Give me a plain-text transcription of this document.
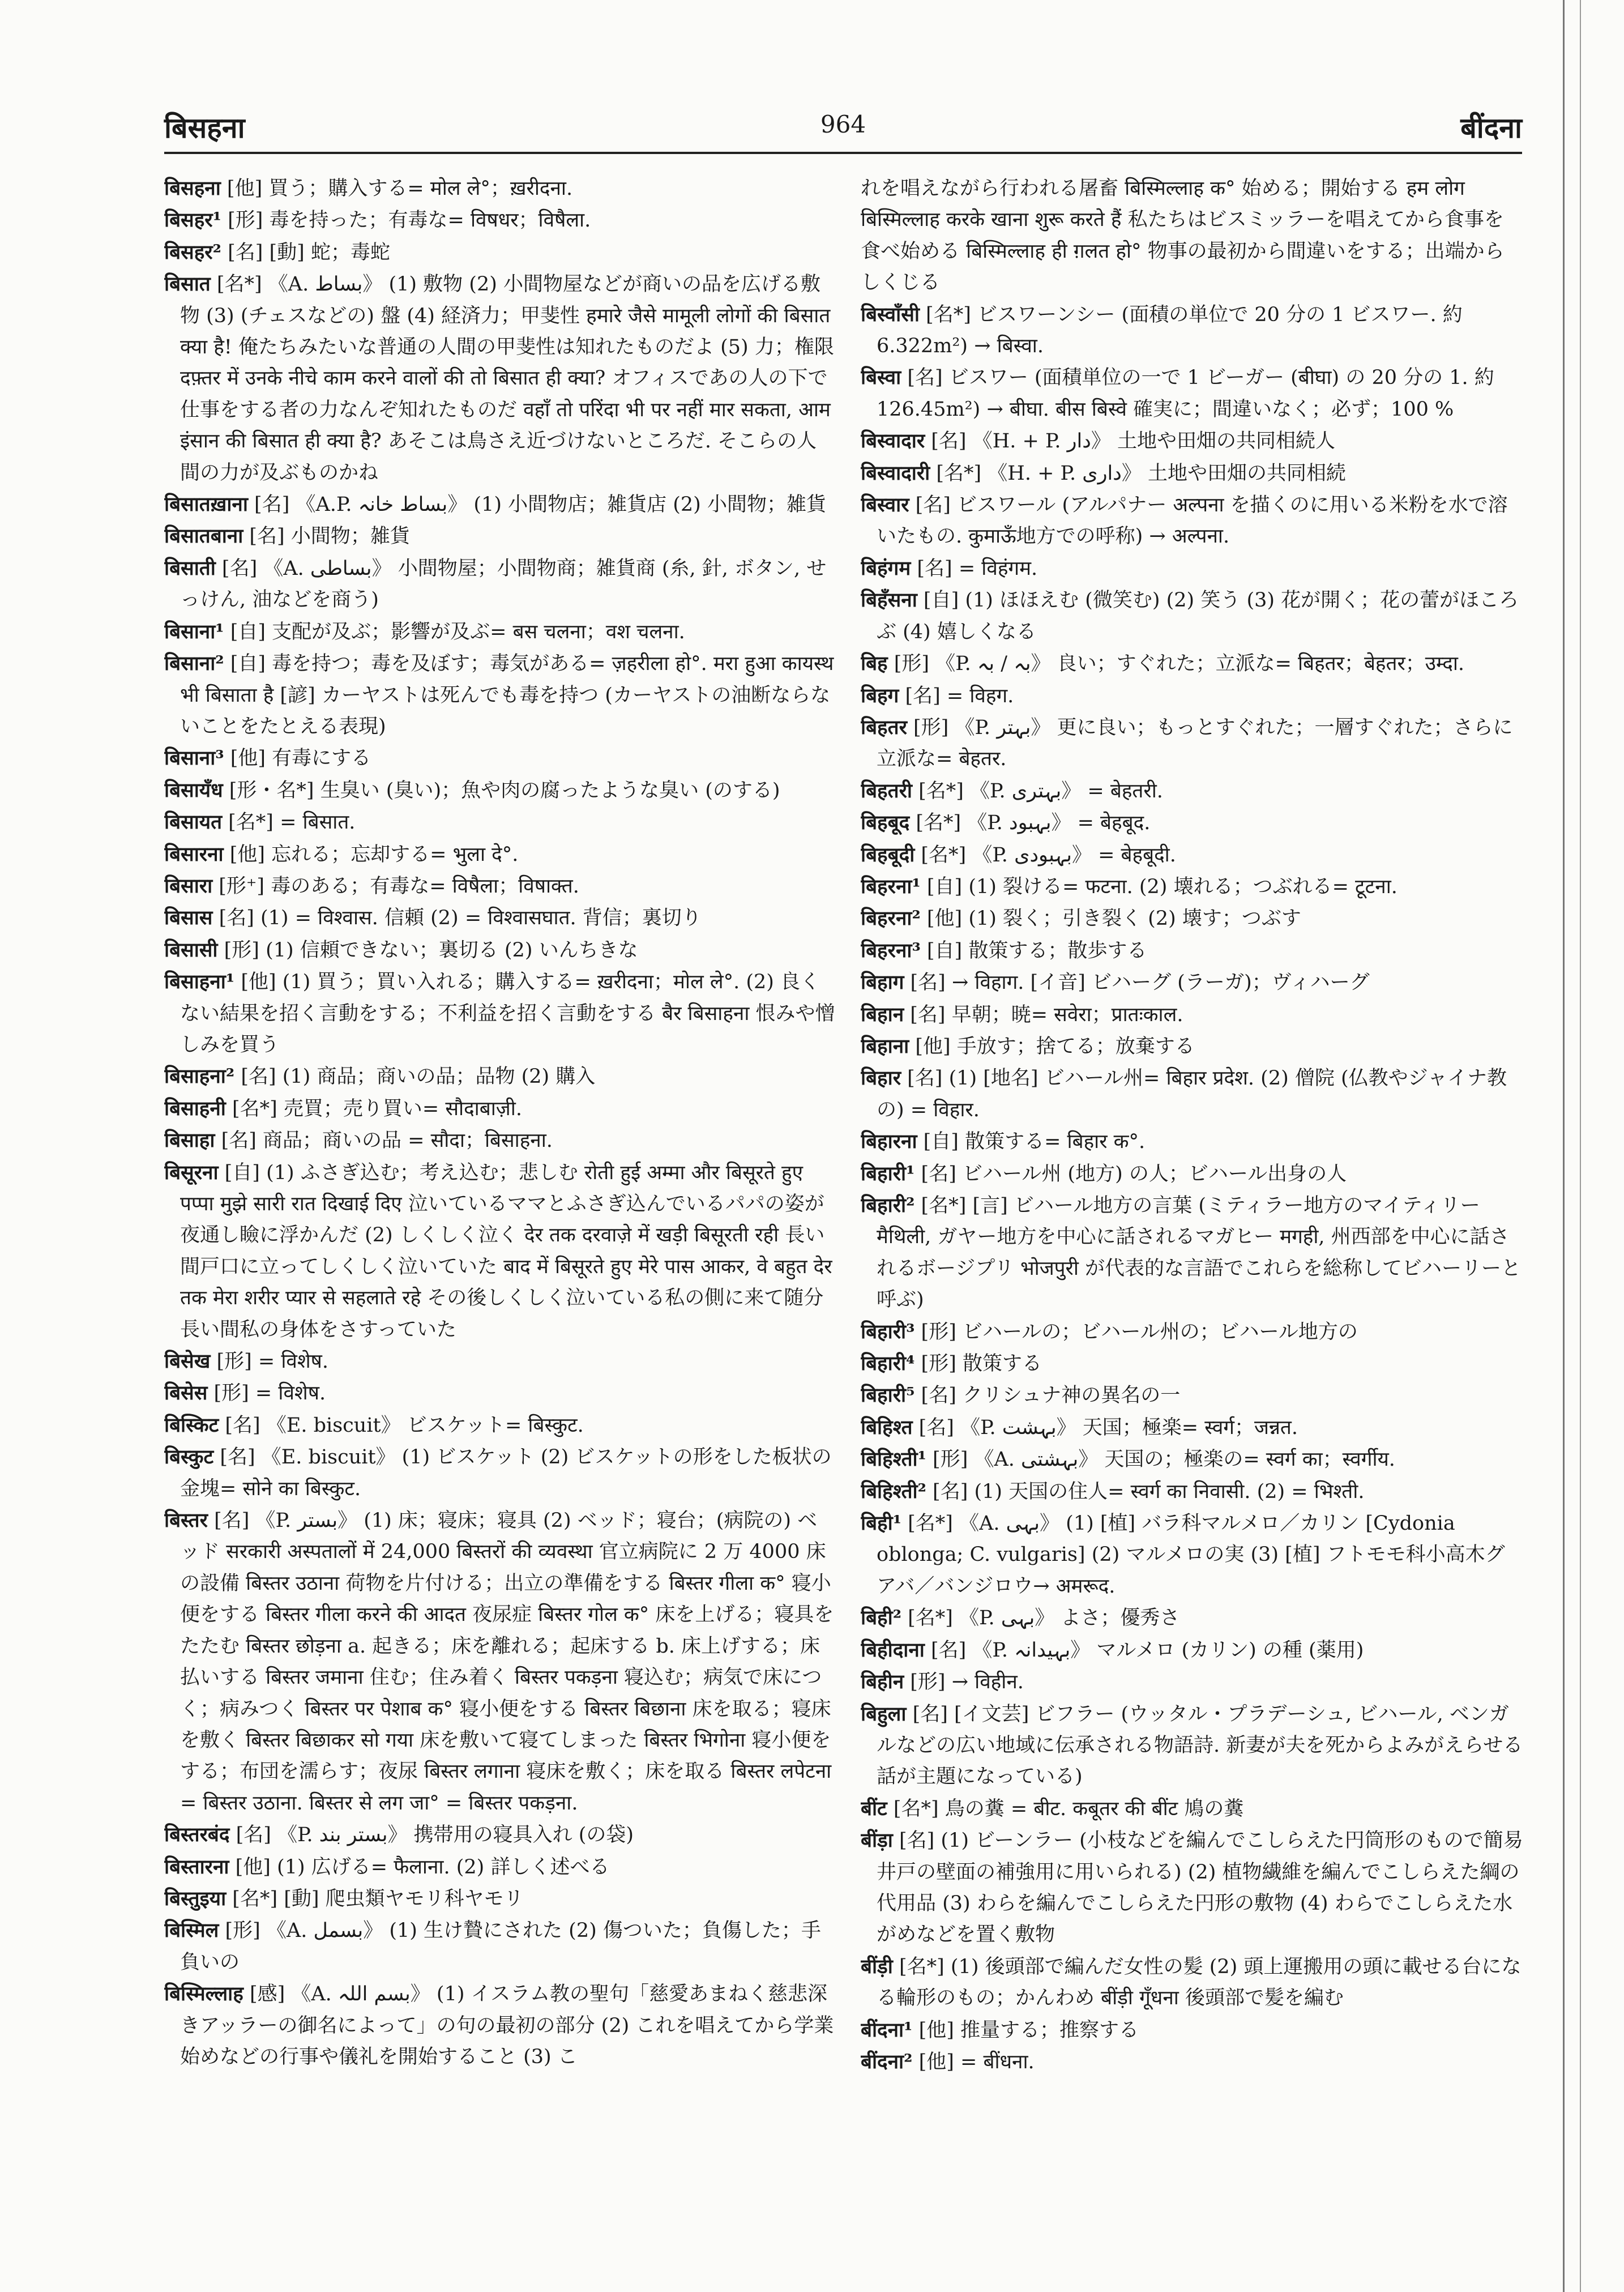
बिसहना	964	बींदना

बिसहना [他] 買う；購入する= मोल ले°；ख़रीदना.

बिसहर¹ [形] 毒を持った；有毒な= विषधर；विषैला.

बिसहर² [名] [動] 蛇；毒蛇

बिसात [名*] 《A. بساط》 (1) 敷物 (2) 小間物屋などが商いの品を広げる敷物 (3) (チェスなどの) 盤 (4) 経済力；甲斐性 हमारे जैसे मामूली लोगों की बिसात क्या है! 俺たちみたいな普通の人間の甲斐性は知れたものだよ (5) 力；権限 दफ़्तर में उनके नीचे काम करने वालों की तो बिसात ही क्या? オフィスであの人の下で仕事をする者の力なんぞ知れたものだ वहाँ तो परिंदा भी पर नहीं मार सकता, आम इंसान की बिसात ही क्या है? あそこは鳥さえ近づけないところだ. そこらの人間の力が及ぶものかね

बिसातख़ाना [名] 《A.P. بساط خانہ》 (1) 小間物店；雑貨店 (2) 小間物；雑貨

बिसातबाना [名] 小間物；雑貨

बिसाती [名] 《A. بساطی》 小間物屋；小間物商；雑貨商 (糸, 針, ボタン, せっけん, 油などを商う)

बिसाना¹ [自] 支配が及ぶ；影響が及ぶ= बस चलना；वश चलना.

बिसाना² [自] 毒を持つ；毒を及ぼす；毒気がある= ज़हरीला हो°. मरा हुआ कायस्थ भी बिसाता है [諺] カーヤストは死んでも毒を持つ (カーヤストの油断ならないことをたとえる表現)

बिसाना³ [他] 有毒にする

बिसायँध [形・名*] 生臭い (臭い)；魚や肉の腐ったような臭い (のする)

बिसायत [名*] = बिसात.

बिसारना [他] 忘れる；忘却する= भुला दे°.

बिसारा [形⁺] 毒のある；有毒な= विषैला；विषाक्त.

बिसास [名] (1) = विश्वास. 信頼 (2) = विश्वासघात. 背信；裏切り

बिसासी [形] (1) 信頼できない；裏切る (2) いんちきな

बिसाहना¹ [他] (1) 買う；買い入れる；購入する= ख़रीदना；मोल ले°. (2) 良くない結果を招く言動をする；不利益を招く言動をする बैर बिसाहना 恨みや憎しみを買う

बिसाहना² [名] (1) 商品；商いの品；品物 (2) 購入

बिसाहनी [名*] 売買；売り買い= सौदाबाज़ी.

बिसाहा [名] 商品；商いの品 = सौदा；बिसाहना.

बिसूरना [自] (1) ふさぎ込む；考え込む；悲しむ रोती हुई अम्मा और बिसूरते हुए पप्पा मुझे सारी रात दिखाई दिए 泣いているママとふさぎ込んでいるパパの姿が夜通し瞼に浮かんだ (2) しくしく泣く देर तक दरवाज़े में खड़ी बिसूरती रही 長い間戸口に立ってしくしく泣いていた बाद में बिसूरते हुए मेरे पास आकर, वे बहुत देर तक मेरा शरीर प्यार से सहलाते रहे その後しくしく泣いている私の側に来て随分長い間私の身体をさすっていた

बिसेख [形] = विशेष.

बिसेस [形] = विशेष.

बिस्किट [名] 《E. biscuit》 ビスケット= बिस्कुट.

बिस्कुट [名] 《E. biscuit》 (1) ビスケット (2) ビスケットの形をした板状の金塊= सोने का बिस्कुट.

बिस्तर [名] 《P. بستر》 (1) 床；寝床；寝具 (2) ベッド；寝台；(病院の) ベッド सरकारी अस्पतालों में 24,000 बिस्तरों की व्यवस्था 官立病院に 2 万 4000 床の設備 बिस्तर उठाना 荷物を片付ける；出立の準備をする बिस्तर गीला क° 寝小便をする बिस्तर गीला करने की आदत 夜尿症 बिस्तर गोल क° 床を上げる；寝具をたたむ बिस्तर छोड़ना a. 起きる；床を離れる；起床する b. 床上げする；床払いする बिस्तर जमाना 住む；住み着く बिस्तर पकड़ना 寝込む；病気で床につく；病みつく बिस्तर पर पेशाब क° 寝小便をする बिस्तर बिछाना 床を取る；寝床を敷く बिस्तर बिछाकर सो गया 床を敷いて寝てしまった बिस्तर भिगोना 寝小便をする；布団を濡らす；夜尿 बिस्तर लगाना 寝床を敷く；床を取る बिस्तर लपेटना = बिस्तर उठाना. बिस्तर से लग जा° = बिस्तर पकड़ना.

बिस्तरबंद [名] 《P. بستر بند》 携帯用の寝具入れ (の袋)

बिस्तारना [他] (1) 広げる= फैलाना. (2) 詳しく述べる

बिस्तुइया [名*] [動] 爬虫類ヤモリ科ヤモリ

बिस्मिल [形] 《A. بسمل》 (1) 生け贄にされた (2) 傷ついた；負傷した；手負いの

बिस्मिल्लाह [感] 《A. بسم اللہ》 (1) イスラム教の聖句「慈愛あまねく慈悲深きアッラーの御名によって」の句の最初の部分 (2) これを唱えてから学業始めなどの行事や儀礼を開始すること (3) こ

れを唱えながら行われる屠畜 बिस्मिल्लाह क° 始める；開始する हम लोग बिस्मिल्लाह करके खाना शुरू करते हैं 私たちはビスミッラーを唱えてから食事を食べ始める बिस्मिल्लाह ही ग़लत हो° 物事の最初から間違いをする；出端からしくじる

बिस्वाँसी [名*] ビスワーンシー (面積の単位で 20 分の 1 ビスワー. 約 6.322m²) → बिस्वा.

बिस्वा [名] ビスワー (面積単位の一で 1 ビーガー (बीघा) の 20 分の 1. 約 126.45m²) → बीघा. बीस बिस्वे 確実に；間違いなく；必ず；100 %

बिस्वादार [名] 《H. + P. دار》 土地や田畑の共同相続人

बिस्वादारी [名*] 《H. + P. داری》 土地や田畑の共同相続

बिस्वार [名] ビスワール (アルパナー अल्पना を描くのに用いる米粉を水で溶いたもの. कुमाऊँ地方での呼称) → अल्पना.

बिहंगम [名] = विहंगम.

बिहँसना [自] (1) ほほえむ (微笑む) (2) 笑う (3) 花が開く；花の蕾がほころぶ (4) 嬉しくなる

बिह [形] 《P. بہ / بہ》 良い；すぐれた；立派な= बिहतर；बेहतर；उम्दा.

बिहग [名] = विहग.

बिहतर [形] 《P. بہتر》 更に良い；もっとすぐれた；一層すぐれた；さらに立派な= बेहतर.

बिहतरी [名*] 《P. بہتری》 = बेहतरी.

बिहबूद [名*] 《P. بہبود》 = बेहबूद.

बिहबूदी [名*] 《P. بہبودی》 = बेहबूदी.

बिहरना¹ [自] (1) 裂ける= फटना. (2) 壊れる；つぶれる= टूटना.

बिहरना² [他] (1) 裂く；引き裂く (2) 壊す；つぶす

बिहरना³ [自] 散策する；散歩する

बिहाग [名] → विहाग. [イ音] ビハーグ (ラーガ)；ヴィハーグ

बिहान [名] 早朝；暁= सवेरा；प्रातःकाल.

बिहाना [他] 手放す；捨てる；放棄する

बिहार [名] (1) [地名] ビハール州= बिहार प्रदेश. (2) 僧院 (仏教やジャイナ教の) = विहार.

बिहारना [自] 散策する= बिहार क°.

बिहारी¹ [名] ビハール州 (地方) の人；ビハール出身の人

बिहारी² [名*] [言] ビハール地方の言葉 (ミティラー地方のマイティリー मैथिली, ガヤー地方を中心に話されるマガヒー मगही, 州西部を中心に話されるボージプリ भोजपुरी が代表的な言語でこれらを総称してビハーリーと呼ぶ)

बिहारी³ [形] ビハールの；ビハール州の；ビハール地方の

बिहारी⁴ [形] 散策する

बिहारी⁵ [名] クリシュナ神の異名の一

बिहिश्त [名] 《P. بہشت》 天国；極楽= स्वर्ग；जन्नत.

बिहिश्ती¹ [形] 《A. بہشتی》 天国の；極楽の= स्वर्ग का；स्वर्गीय.

बिहिश्ती² [名] (1) 天国の住人= स्वर्ग का निवासी. (2) = भिश्ती.

बिही¹ [名*] 《A. بہی》 (1) [植] バラ科マルメロ／カリン [Cydonia oblonga; C. vulgaris] (2) マルメロの実 (3) [植] フトモモ科小高木グアバ／バンジロウ→ अमरूद.

बिही² [名*] 《P. بہی》 よさ；優秀さ

बिहीदाना [名] 《P. بہیدانہ》 マルメロ (カリン) の種 (薬用)

बिहीन [形] → विहीन.

बिहुला [名] [イ文芸] ビフラー (ウッタル・プラデーシュ, ビハール, ベンガルなどの広い地域に伝承される物語詩. 新妻が夫を死からよみがえらせる話が主題になっている)

बींट [名*] 鳥の糞 = बीट. कबूतर की बींट 鳩の糞

बींड़ा [名] (1) ビーンラー (小枝などを編んでこしらえた円筒形のもので簡易井戸の壁面の補強用に用いられる) (2) 植物繊維を編んでこしらえた綱の代用品 (3) わらを編んでこしらえた円形の敷物 (4) わらでこしらえた水がめなどを置く敷物

बींड़ी [名*] (1) 後頭部で編んだ女性の髪 (2) 頭上運搬用の頭に載せる台になる輪形のもの；かんわめ बींड़ी गूँधना 後頭部で髪を編む

बींदना¹ [他] 推量する；推察する

बींदना² [他] = बींधना.
